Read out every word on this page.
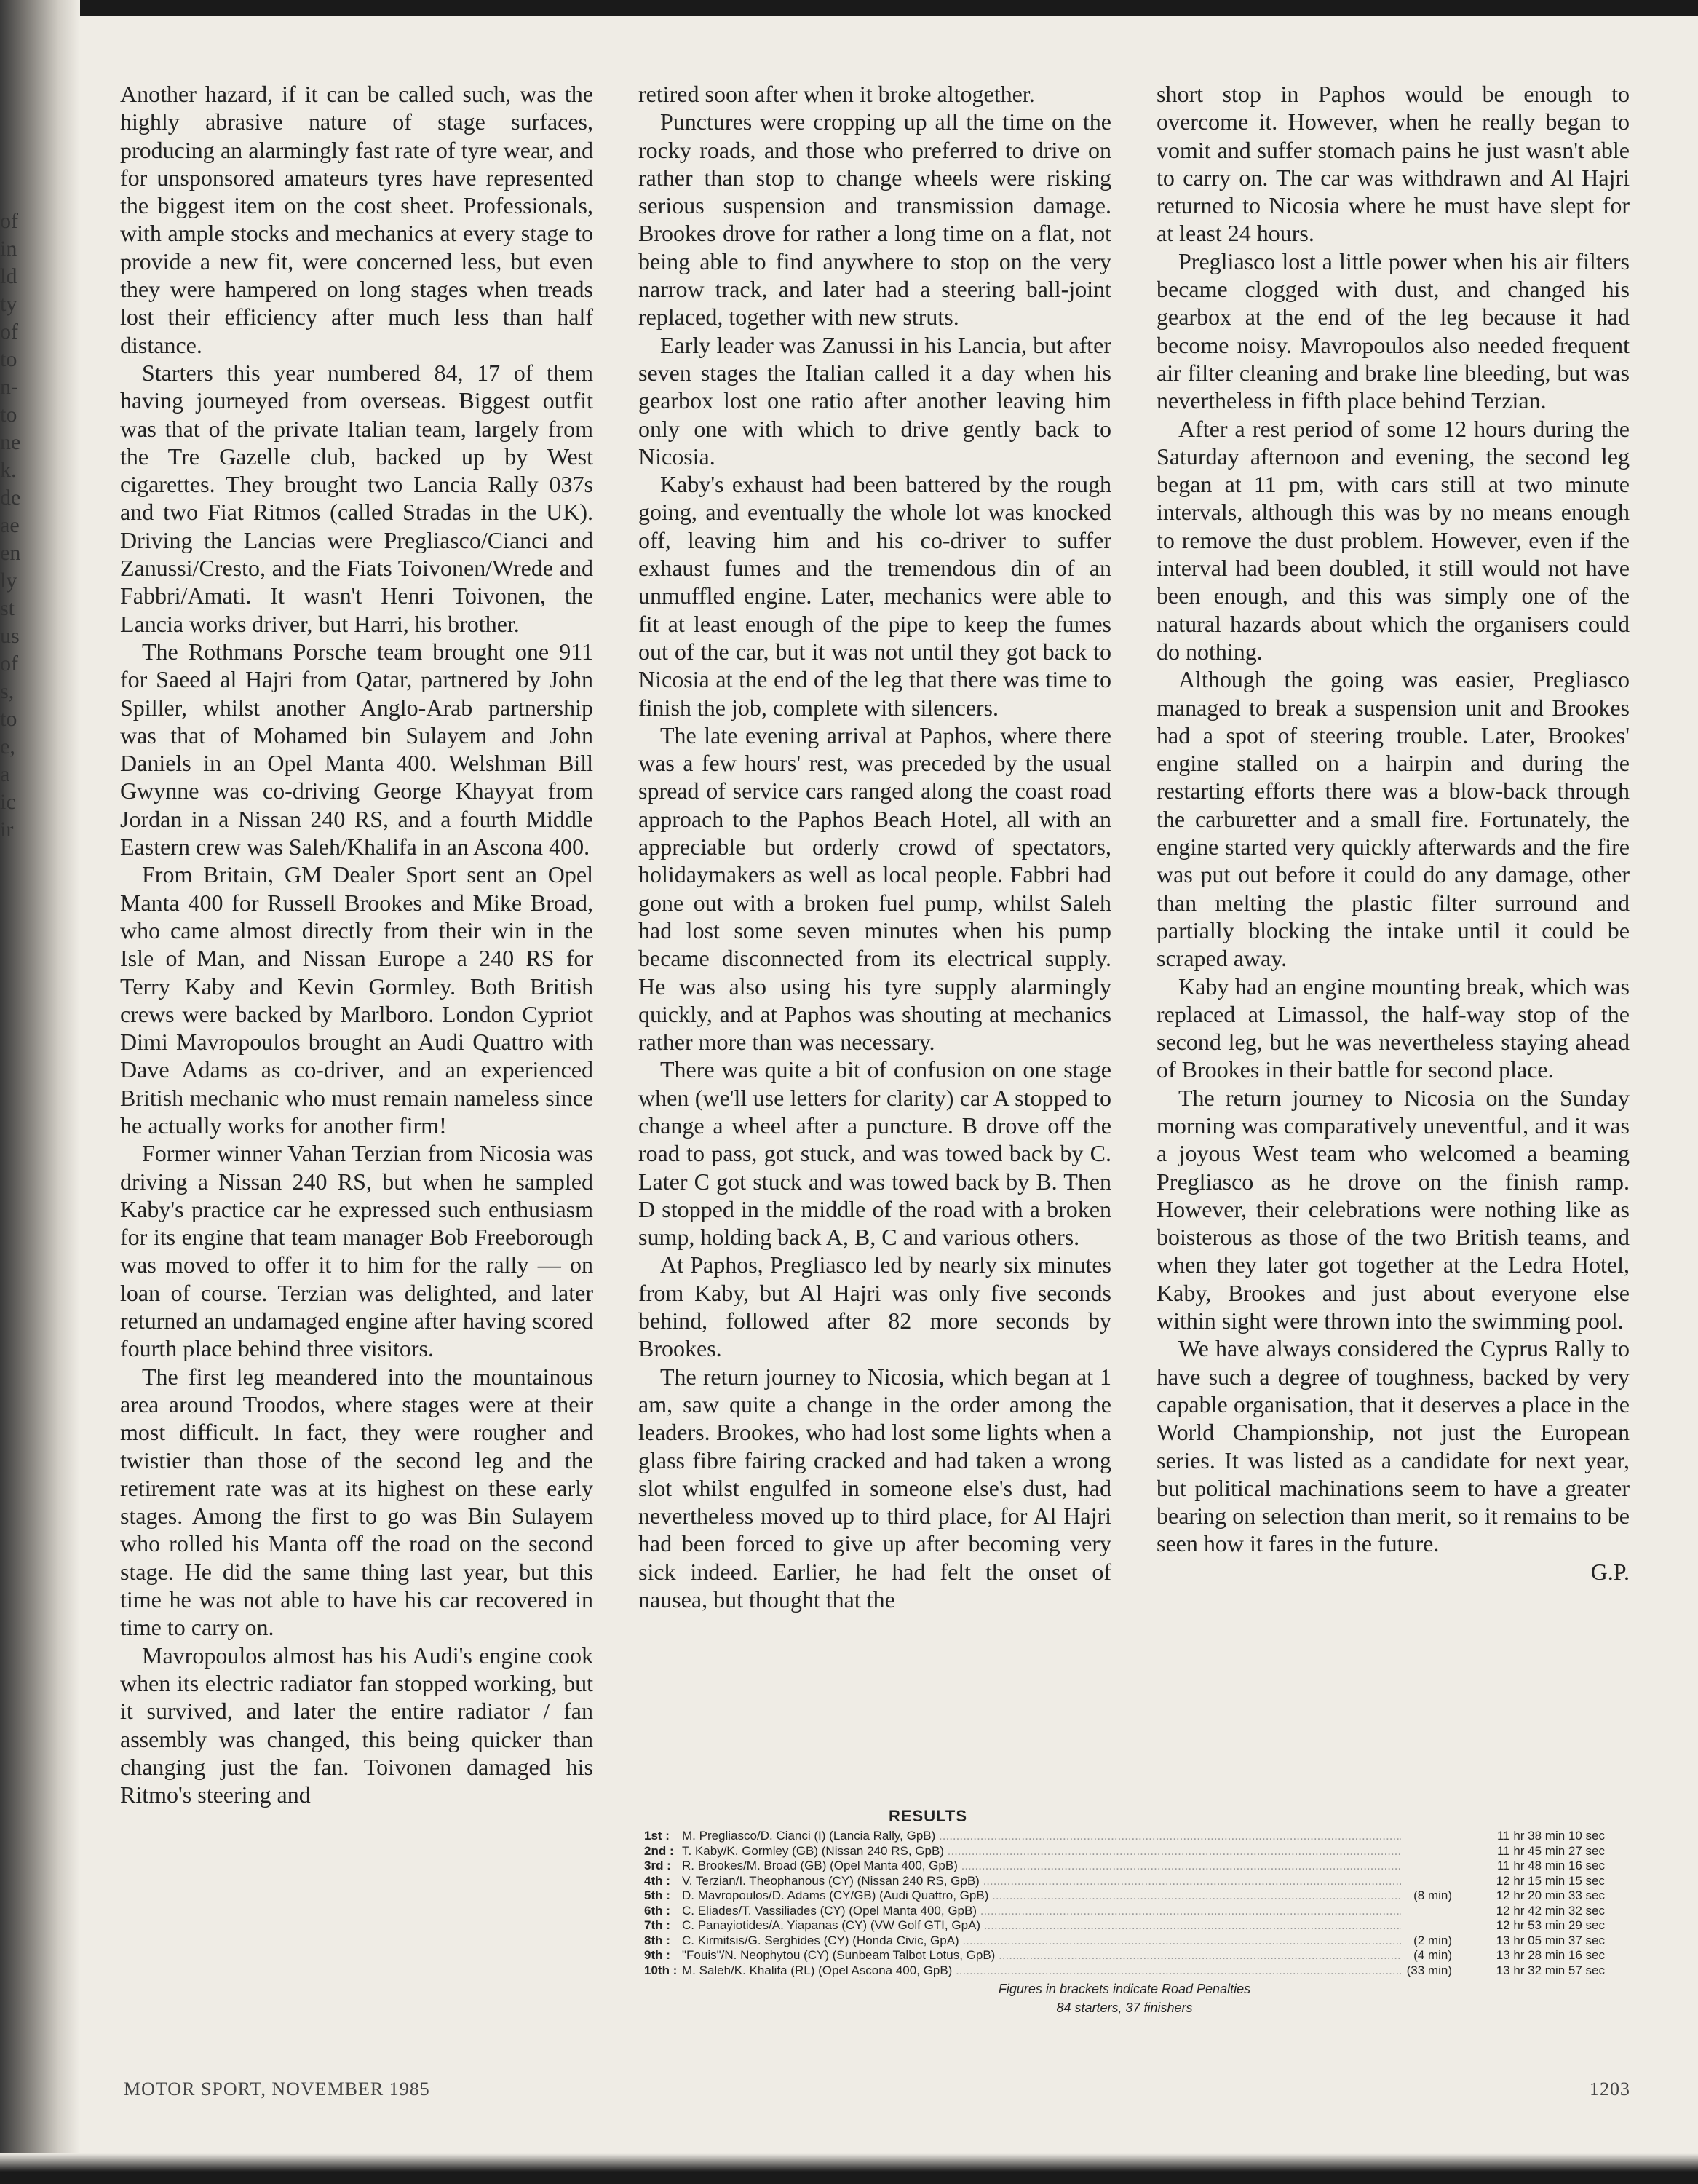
of
in
ld
ty
of
to
n-
to
ne
k.
de
ae
en
ly
st
us
of
s,
to
e,
a
ic
ir

Another hazard, if it can be called such, was the highly abrasive nature of stage surfaces, producing an alarmingly fast rate of tyre wear, and for unsponsored amateurs tyres have represented the biggest item on the cost sheet. Professionals, with ample stocks and mechanics at every stage to provide a new fit, were concerned less, but even they were hampered on long stages when treads lost their efficiency after much less than half distance.

Starters this year numbered 84, 17 of them having journeyed from overseas. Biggest outfit was that of the private Italian team, largely from the Tre Gazelle club, backed up by West cigarettes. They brought two Lancia Rally 037s and two Fiat Ritmos (called Stradas in the UK). Driving the Lancias were Pregliasco/Cianci and Zanussi/Cresto, and the Fiats Toivonen/Wrede and Fabbri/Amati. It wasn't Henri Toivonen, the Lancia works driver, but Harri, his brother.

The Rothmans Porsche team brought one 911 for Saeed al Hajri from Qatar, partnered by John Spiller, whilst another Anglo-Arab partnership was that of Mohamed bin Sulayem and John Daniels in an Opel Manta 400. Welshman Bill Gwynne was co-driving George Khayyat from Jordan in a Nissan 240 RS, and a fourth Middle Eastern crew was Saleh/Khalifa in an Ascona 400.

From Britain, GM Dealer Sport sent an Opel Manta 400 for Russell Brookes and Mike Broad, who came almost directly from their win in the Isle of Man, and Nissan Europe a 240 RS for Terry Kaby and Kevin Gormley. Both British crews were backed by Marlboro. London Cypriot Dimi Mavropoulos brought an Audi Quattro with Dave Adams as co-driver, and an experienced British mechanic who must remain nameless since he actually works for another firm!

Former winner Vahan Terzian from Nicosia was driving a Nissan 240 RS, but when he sampled Kaby's practice car he expressed such enthusiasm for its engine that team manager Bob Freeborough was moved to offer it to him for the rally — on loan of course. Terzian was delighted, and later returned an undamaged engine after having scored fourth place behind three visitors.

The first leg meandered into the mountainous area around Troodos, where stages were at their most difficult. In fact, they were rougher and twistier than those of the second leg and the retirement rate was at its highest on these early stages. Among the first to go was Bin Sulayem who rolled his Manta off the road on the second stage. He did the same thing last year, but this time he was not able to have his car recovered in time to carry on.

Mavropoulos almost has his Audi's engine cook when its electric radiator fan stopped working, but it survived, and later the entire radiator / fan assembly was changed, this being quicker than changing just the fan. Toivonen damaged his Ritmo's steering and

retired soon after when it broke altogether.

Punctures were cropping up all the time on the rocky roads, and those who preferred to drive on rather than stop to change wheels were risking serious suspension and transmission damage. Brookes drove for rather a long time on a flat, not being able to find anywhere to stop on the very narrow track, and later had a steering ball-joint replaced, together with new struts.

Early leader was Zanussi in his Lancia, but after seven stages the Italian called it a day when his gearbox lost one ratio after another leaving him only one with which to drive gently back to Nicosia.

Kaby's exhaust had been battered by the rough going, and eventually the whole lot was knocked off, leaving him and his co-driver to suffer exhaust fumes and the tremendous din of an unmuffled engine. Later, mechanics were able to fit at least enough of the pipe to keep the fumes out of the car, but it was not until they got back to Nicosia at the end of the leg that there was time to finish the job, complete with silencers.

The late evening arrival at Paphos, where there was a few hours' rest, was preceded by the usual spread of service cars ranged along the coast road approach to the Paphos Beach Hotel, all with an appreciable but orderly crowd of spectators, holidaymakers as well as local people. Fabbri had gone out with a broken fuel pump, whilst Saleh had lost some seven minutes when his pump became disconnected from its electrical supply. He was also using his tyre supply alarmingly quickly, and at Paphos was shouting at mechanics rather more than was necessary.

There was quite a bit of confusion on one stage when (we'll use letters for clarity) car A stopped to change a wheel after a puncture. B drove off the road to pass, got stuck, and was towed back by C. Later C got stuck and was towed back by B. Then D stopped in the middle of the road with a broken sump, holding back A, B, C and various others.

At Paphos, Pregliasco led by nearly six minutes from Kaby, but Al Hajri was only five seconds behind, followed after 82 more seconds by Brookes.

The return journey to Nicosia, which began at 1 am, saw quite a change in the order among the leaders. Brookes, who had lost some lights when a glass fibre fairing cracked and had taken a wrong slot whilst engulfed in someone else's dust, had nevertheless moved up to third place, for Al Hajri had been forced to give up after becoming very sick indeed. Earlier, he had felt the onset of nausea, but thought that the

short stop in Paphos would be enough to overcome it. However, when he really began to vomit and suffer stomach pains he just wasn't able to carry on. The car was withdrawn and Al Hajri returned to Nicosia where he must have slept for at least 24 hours.

Pregliasco lost a little power when his air filters became clogged with dust, and changed his gearbox at the end of the leg because it had become noisy. Mavropoulos also needed frequent air filter cleaning and brake line bleeding, but was nevertheless in fifth place behind Terzian.

After a rest period of some 12 hours during the Saturday afternoon and evening, the second leg began at 11 pm, with cars still at two minute intervals, although this was by no means enough to remove the dust problem. However, even if the interval had been doubled, it still would not have been enough, and this was simply one of the natural hazards about which the organisers could do nothing.

Although the going was easier, Pregliasco managed to break a suspension unit and Brookes had a spot of steering trouble. Later, Brookes' engine stalled on a hairpin and during the restarting efforts there was a blow-back through the carburetter and a small fire. Fortunately, the engine started very quickly afterwards and the fire was put out before it could do any damage, other than melting the plastic filter surround and partially blocking the intake until it could be scraped away.

Kaby had an engine mounting break, which was replaced at Limassol, the half-way stop of the second leg, but he was nevertheless staying ahead of Brookes in their battle for second place.

The return journey to Nicosia on the Sunday morning was comparatively uneventful, and it was a joyous West team who welcomed a beaming Pregliasco as he drove on the finish ramp. However, their celebrations were nothing like as boisterous as those of the two British teams, and when they later got together at the Ledra Hotel, Kaby, Brookes and just about everyone else within sight were thrown into the swimming pool.

We have always considered the Cyprus Rally to have such a degree of toughness, backed by very capable organisation, that it deserves a place in the World Championship, not just the European series. It was listed as a candidate for next year, but political machinations seem to have a greater bearing on selection than merit, so it remains to be seen how it fares in the future.

G.P.
RESULTS
1st :	M. Pregliasco/D. Cianci (I) (Lancia Rally, GpB) .....	11 hr 38 min 10 sec
2nd : T. Kaby/K. Gormley (GB) (Nissan 240 RS, GpB) .....	11 hr 45 min 27 sec
3rd : R. Brookes/M. Broad (GB) (Opel Manta 400, GpB) .....	11 hr 48 min 16 sec
4th : V. Terzian/I. Theophanous (CY) (Nissan 240 RS, GpB) .....	12 hr 15 min 15 sec
5th : D. Mavropoulos/D. Adams (CY/GB) (Audi Quattro, GpB) .....	(8 min)	12 hr 20 min 33 sec
6th : C. Eliades/T. Vassiliades (CY) (Opel Manta 400, GpB) .....	12 hr 42 min 32 sec
7th : C. Panayiotides/A. Yiapanas (CY) (VW Golf GTI, GpA) .....	12 hr 53 min 29 sec
8th : C. Kirmitsis/G. Serghides (CY) (Honda Civic, GpA) .....	(2 min)	13 hr 05 min 37 sec
9th : "Fouis"/N. Neophytou (CY) (Sunbeam Talbot Lotus, GpB) .....	(4 min)	13 hr 28 min 16 sec
10th : M. Saleh/K. Khalifa (RL) (Opel Ascona 400, GpB) .....	(33 min)	13 hr 32 min 57 sec
Figures in brackets indicate Road Penalties
84 starters, 37 finishers
MOTOR SPORT, NOVEMBER 1985	1203
